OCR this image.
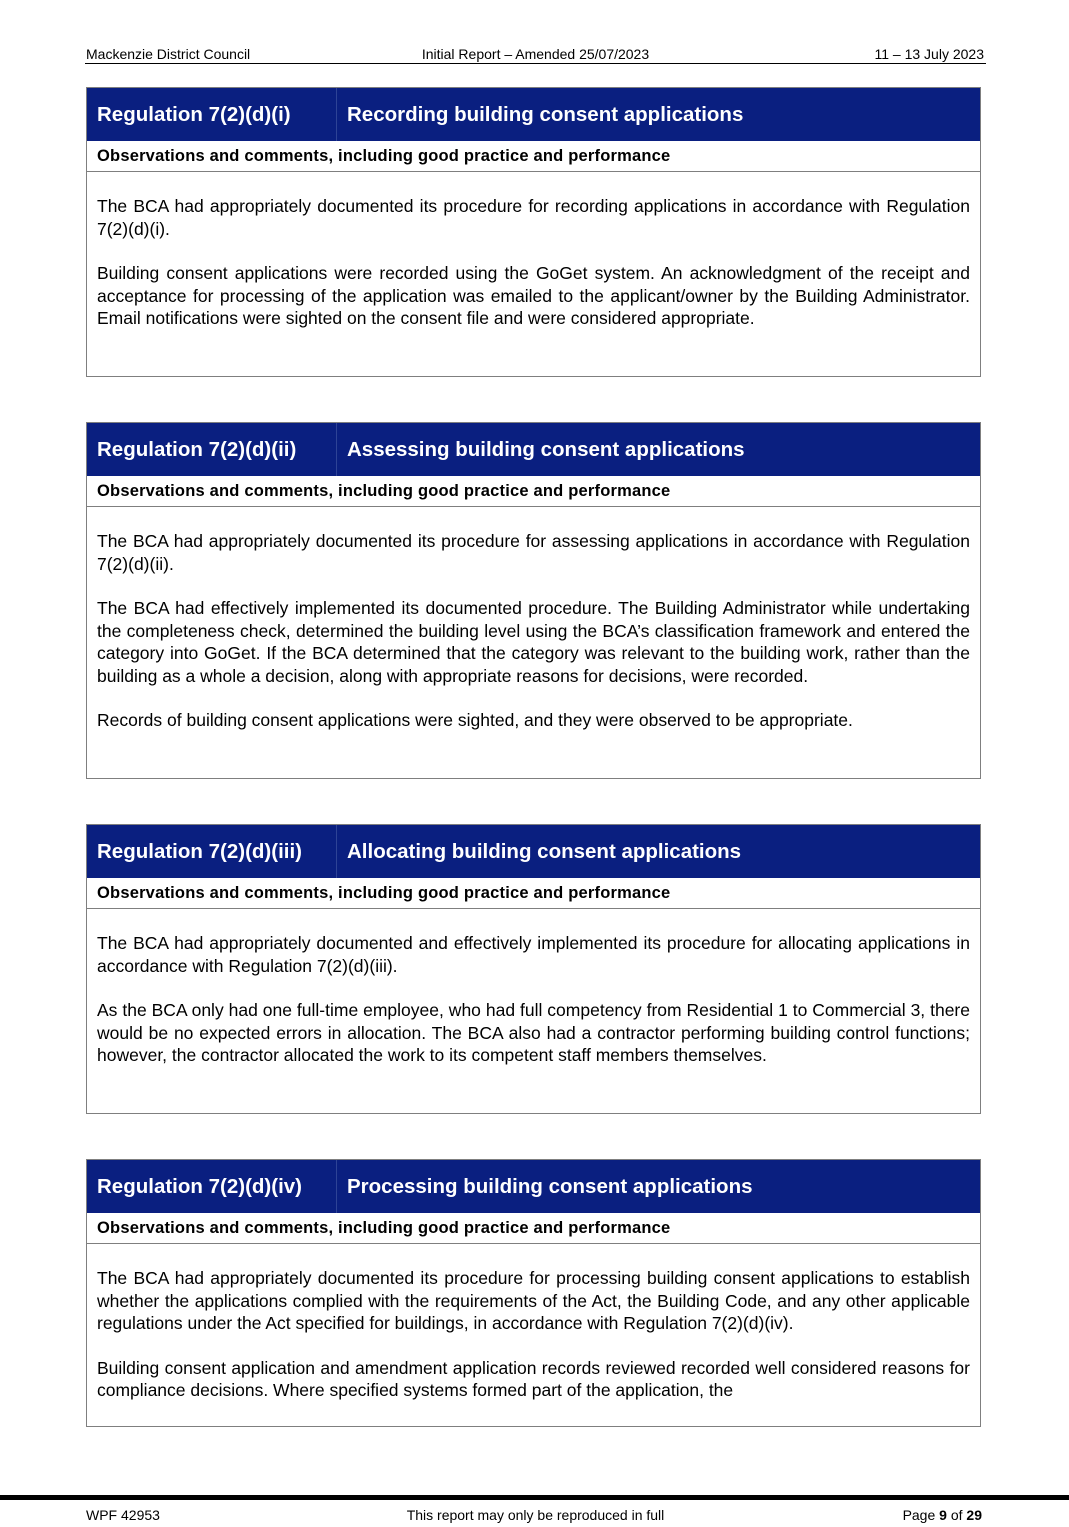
Mackenzie District Council	Initial Report – Amended 25/07/2023	11 – 13 July 2023
Regulation 7(2)(d)(i)	Recording building consent applications
Observations and comments, including good practice and performance

The BCA had appropriately documented its procedure for recording applications in accordance with Regulation 7(2)(d)(i).

Building consent applications were recorded using the GoGet system. An acknowledgment of the receipt and acceptance for processing of the application was emailed to the applicant/owner by the Building Administrator. Email notifications were sighted on the consent file and were considered appropriate.

Regulation 7(2)(d)(ii)	Assessing building consent applications
Observations and comments, including good practice and performance

The BCA had appropriately documented its procedure for assessing applications in accordance with Regulation 7(2)(d)(ii).

The BCA had effectively implemented its documented procedure. The Building Administrator while undertaking the completeness check, determined the building level using the BCA’s classification framework and entered the category into GoGet. If the BCA determined that the category was relevant to the building work, rather than the building as a whole a decision, along with appropriate reasons for decisions, were recorded.

Records of building consent applications were sighted, and they were observed to be appropriate.

Regulation 7(2)(d)(iii)	Allocating building consent applications
Observations and comments, including good practice and performance

The BCA had appropriately documented and effectively implemented its procedure for allocating applications in accordance with Regulation 7(2)(d)(iii).

As the BCA only had one full-time employee, who had full competency from Residential 1 to Commercial 3, there would be no expected errors in allocation. The BCA also had a contractor performing building control functions; however, the contractor allocated the work to its competent staff members themselves.

Regulation 7(2)(d)(iv)	Processing building consent applications
Observations and comments, including good practice and performance

The BCA had appropriately documented its procedure for processing building consent applications to establish whether the applications complied with the requirements of the Act, the Building Code, and any other applicable regulations under the Act specified for buildings, in accordance with Regulation 7(2)(d)(iv).

Building consent application and amendment application records reviewed recorded well considered reasons for compliance decisions. Where specified systems formed part of the application, the

WPF 42953	This report may only be reproduced in full	Page 9 of 29
